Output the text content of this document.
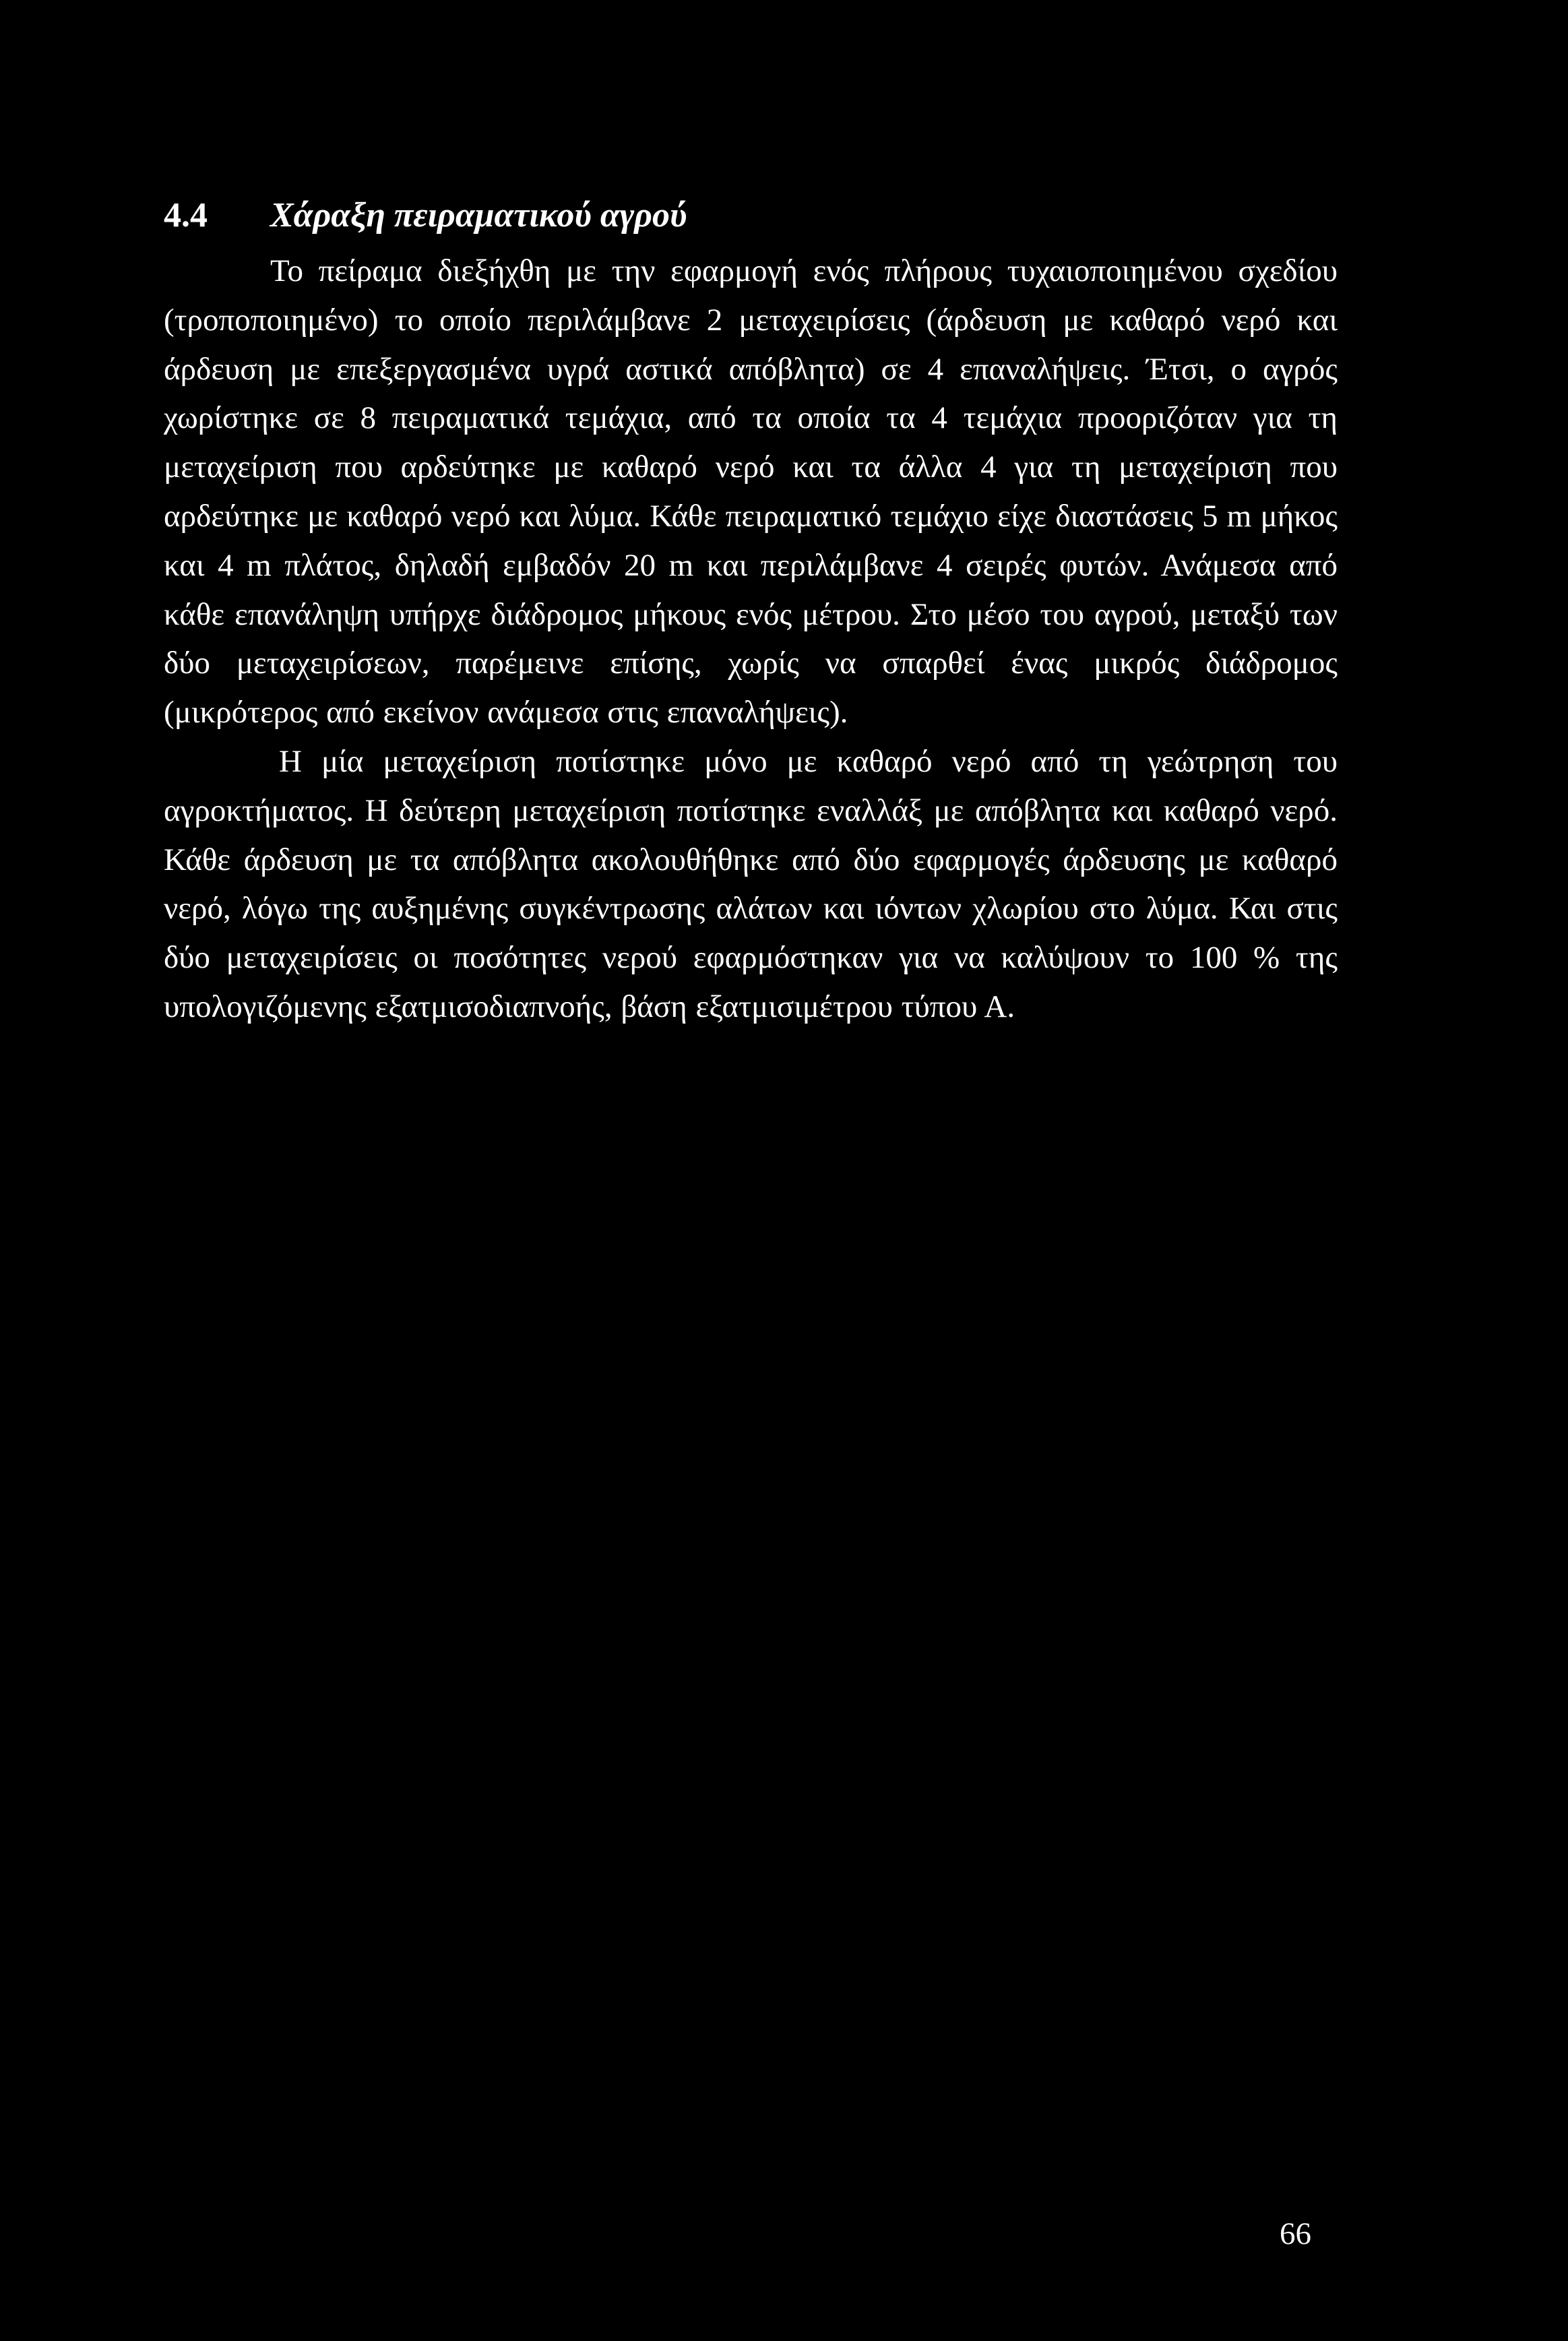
4.4 Χάραξη πειραματικού αγρού

Το πείραμα διεξήχθη με την εφαρμογή ενός πλήρους τυχαιοποιημένου σχεδίου (τροποποιημένο) το οποίο περιλάμβανε 2 μεταχειρίσεις (άρδευση με καθαρό νερό και άρδευση με επεξεργασμένα υγρά αστικά απόβλητα) σε 4 επαναλήψεις. Έτσι, ο αγρός χωρίστηκε σε 8 πειραματικά τεμάχια, από τα οποία τα 4 τεμάχια προοριζόταν για τη μεταχείριση που αρδεύτηκε με καθαρό νερό και τα άλλα 4 για τη μεταχείριση που αρδεύτηκε με καθαρό νερό και λύμα. Κάθε πειραματικό τεμάχιο είχε διαστάσεις 5 m μήκος και 4 m πλάτος, δηλαδή εμβαδόν 20 m και περιλάμβανε 4 σειρές φυτών. Ανάμεσα από κάθε επανάληψη υπήρχε διάδρομος μήκους ενός μέτρου. Στο μέσο του αγρού, μεταξύ των δύο μεταχειρίσεων, παρέμεινε επίσης, χωρίς να σπαρθεί ένας μικρός διάδρομος (μικρότερος από εκείνον ανάμεσα στις επαναλήψεις).

Η μία μεταχείριση ποτίστηκε μόνο με καθαρό νερό από τη γεώτρηση του αγροκτήματος. Η δεύτερη μεταχείριση ποτίστηκε εναλλάξ με απόβλητα και καθαρό νερό. Κάθε άρδευση με τα απόβλητα ακολουθήθηκε από δύο εφαρμογές άρδευσης με καθαρό νερό, λόγω της αυξημένης συγκέντρωσης αλάτων και ιόντων χλωρίου στο λύμα. Και στις δύο μεταχειρίσεις οι ποσότητες νερού εφαρμόστηκαν για να καλύψουν το 100 % της υπολογιζόμενης εξατμισοδιαπνοής, βάση εξατμισιμέτρου τύπου Α.

66
